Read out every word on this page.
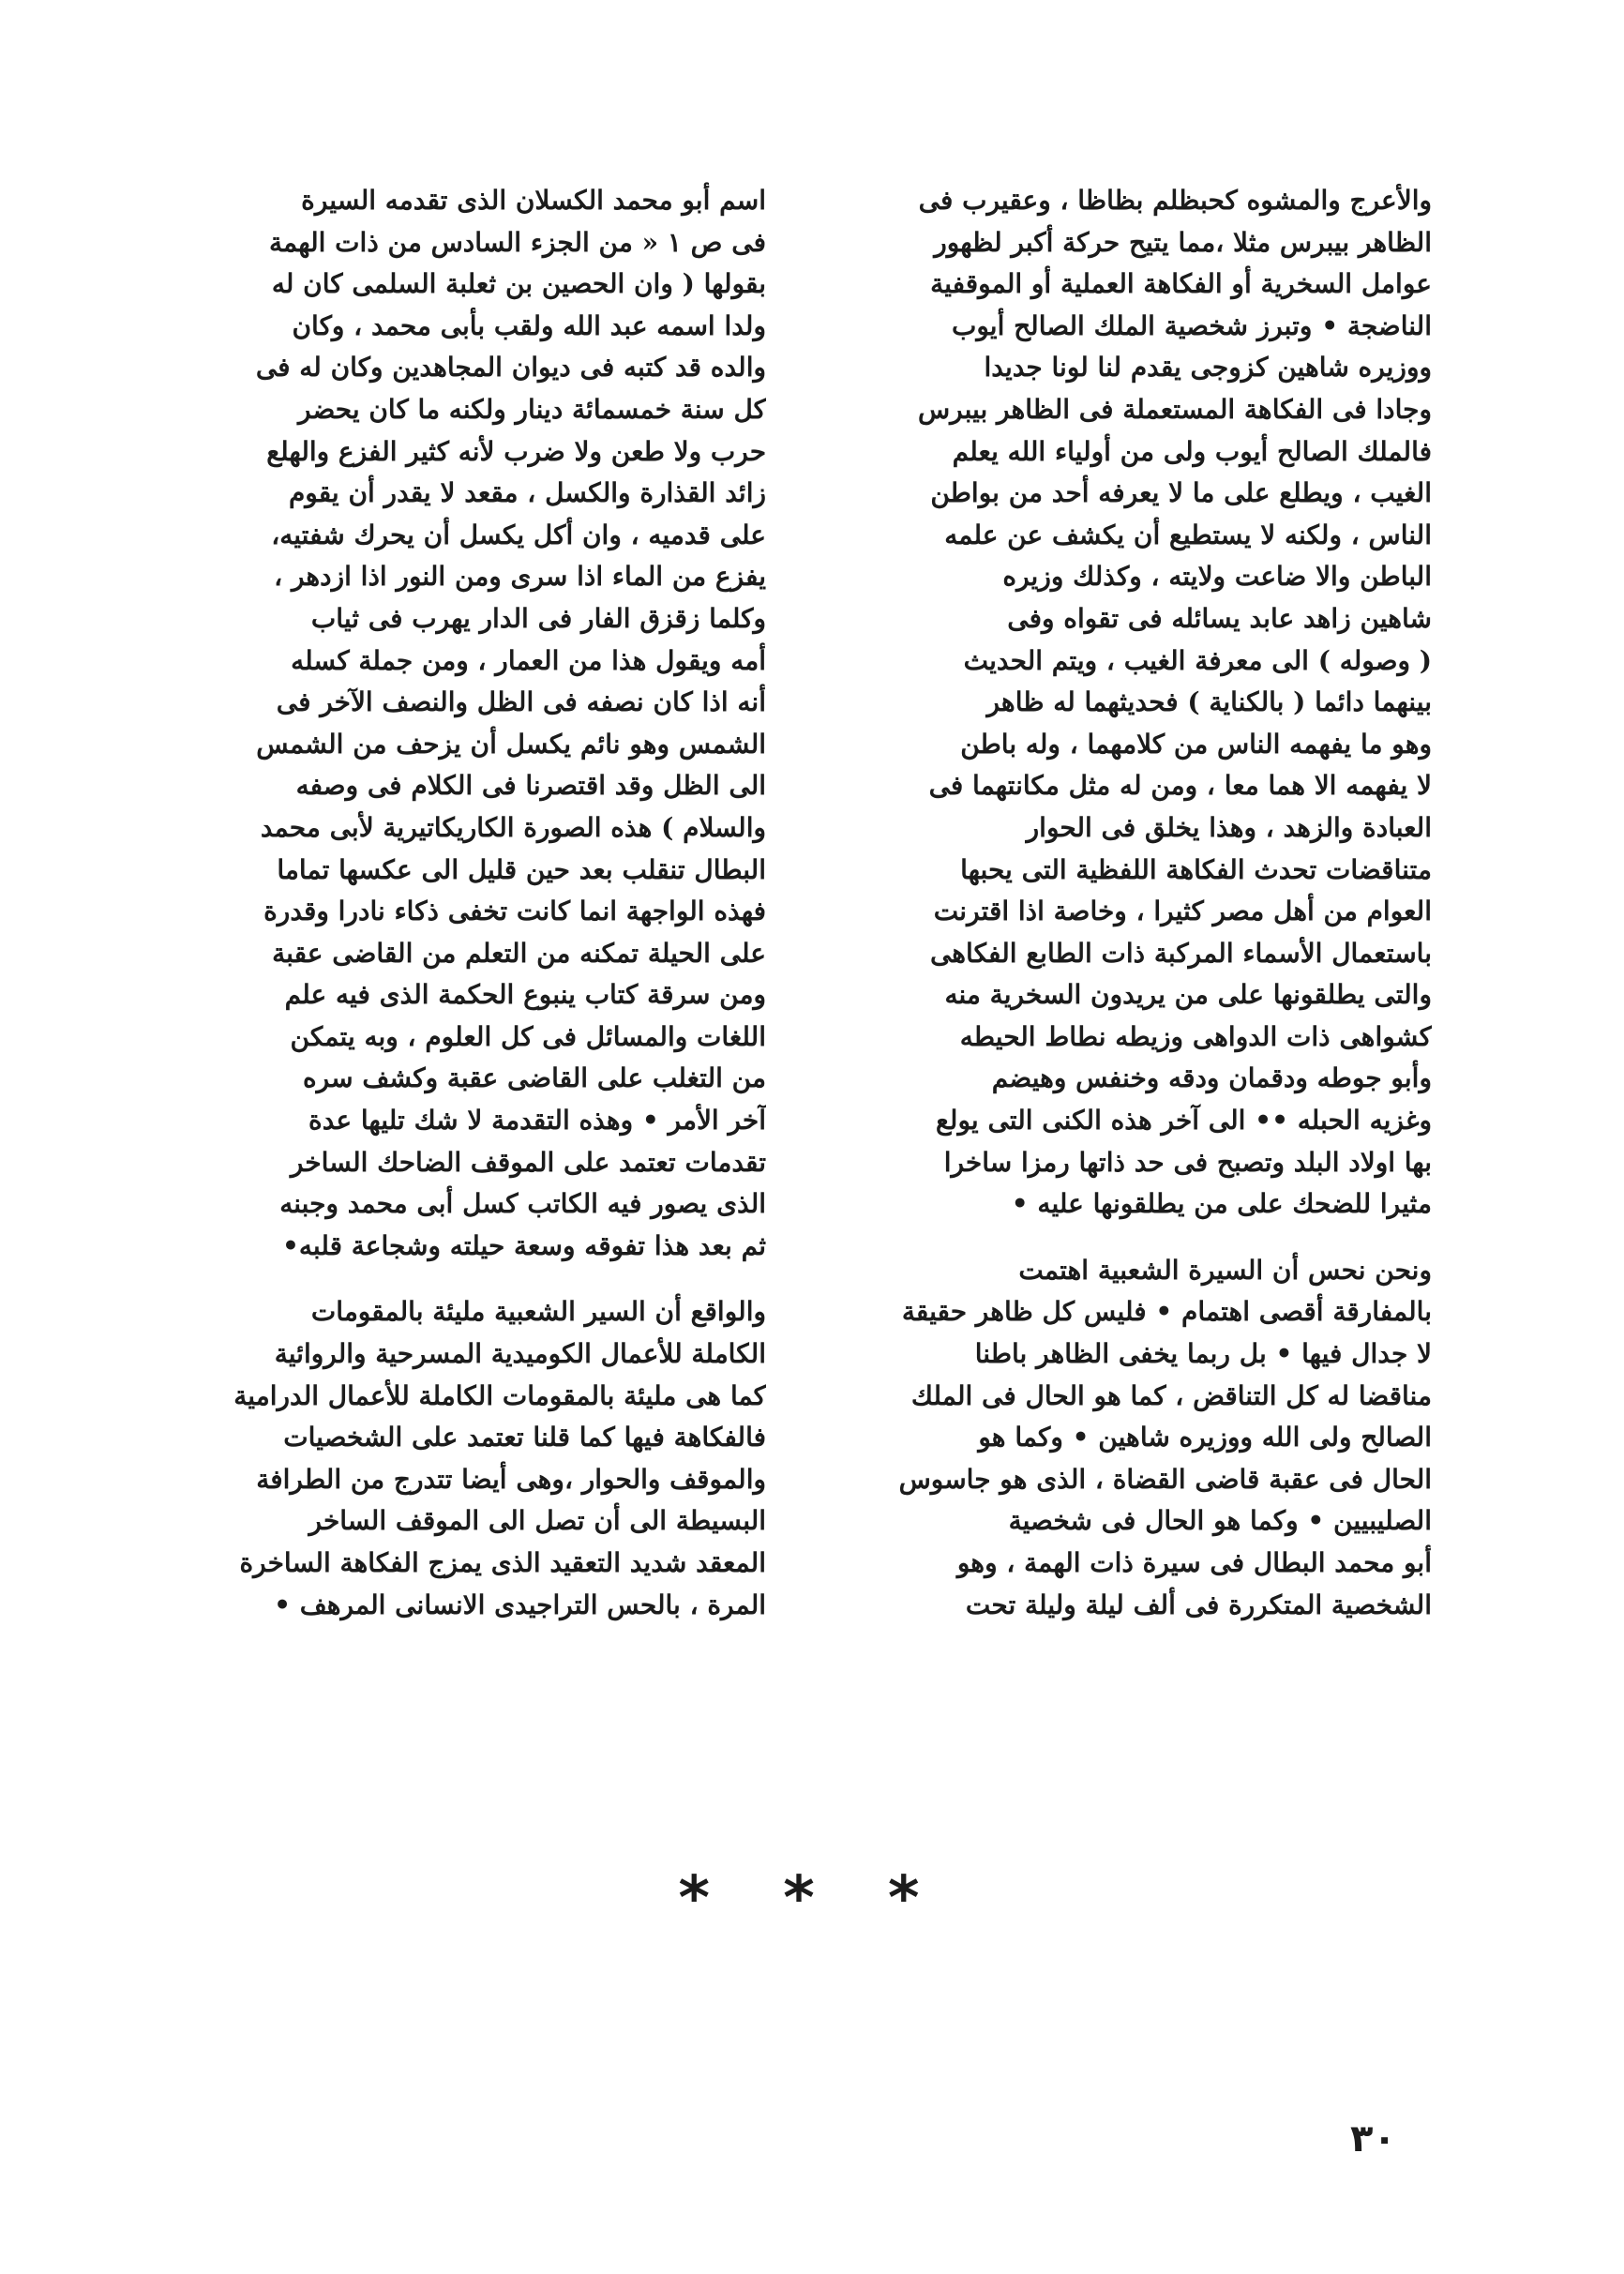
والأعرج والمشوه كحبظلم بظاظا ، وعقيرب فى
الظاهر بيبرس مثلا ،مما يتيح حركة أكبر لظهور
عوامل السخرية أو الفكاهة العملية أو الموقفية
الناضجة • وتبرز شخصية الملك الصالح أيوب
ووزيره شاهين كزوجى يقدم لنا لونا جديدا
وجادا فى الفكاهة المستعملة فى الظاهر بيبرس
فالملك الصالح أيوب ولى من أولياء الله يعلم
الغيب ، ويطلع على ما لا يعرفه أحد من بواطن
الناس ، ولكنه لا يستطيع أن يكشف عن علمه
الباطن والا ضاعت ولايته ، وكذلك وزيره
شاهين زاهد عابد يسائله فى تقواه وفى
( وصوله ) الى معرفة الغيب ، ويتم الحديث
بينهما دائما ( بالكناية ) فحديثهما له ظاهر
وهو ما يفهمه الناس من كلامهما ، وله باطن
لا يفهمه الا هما معا ، ومن له مثل مكانتهما فى
العبادة والزهد ، وهذا يخلق فى الحوار
متناقضات تحدث الفكاهة اللفظية التى يحبها
العوام من أهل مصر كثيرا ، وخاصة اذا اقترنت
باستعمال الأسماء المركبة ذات الطابع الفكاهى
والتى يطلقونها على من يريدون السخرية منه
كشواهى ذات الدواهى وزيطه نطاط الحيطه
وأبو جوطه ودقمان ودقه وخنفس وهيضم
وغزيه الحبله •• الى آخر هذه الكنى التى يولع
بها اولاد البلد وتصبح فى حد ذاتها رمزا ساخرا
مثيرا للضحك على من يطلقونها عليه •
ونحن نحس أن السيرة الشعبية اهتمت
بالمفارقة أقصى اهتمام • فليس كل ظاهر حقيقة
لا جدال فيها • بل ربما يخفى الظاهر باطنا
مناقضا له كل التناقض ، كما هو الحال فى الملك
الصالح ولى الله ووزيره شاهين • وكما هو
الحال فى عقبة قاضى القضاة ، الذى هو جاسوس
الصليبيين • وكما هو الحال فى شخصية
أبو محمد البطال فى سيرة ذات الهمة ، وهو
الشخصية المتكررة فى ألف ليلة وليلة تحت
اسم أبو محمد الكسلان الذى تقدمه السيرة
فى ص ١ « من الجزء السادس من ذات الهمة
بقولها ( وان الحصين بن ثعلبة السلمى كان له
ولدا اسمه عبد الله ولقب بأبى محمد ، وكان
والده قد كتبه فى ديوان المجاهدين وكان له فى
كل سنة خمسمائة دينار ولكنه ما كان يحضر
حرب ولا طعن ولا ضرب لأنه كثير الفزع والهلع
زائد القذارة والكسل ، مقعد لا يقدر أن يقوم
على قدميه ، وان أكل يكسل أن يحرك شفتيه،
يفزع من الماء اذا سرى ومن النور اذا ازدهر ،
وكلما زقزق الفار فى الدار يهرب فى ثياب
أمه ويقول هذا من العمار ، ومن جملة كسله
أنه اذا كان نصفه فى الظل والنصف الآخر فى
الشمس وهو نائم يكسل أن يزحف من الشمس
الى الظل وقد اقتصرنا فى الكلام فى وصفه
والسلام ) هذه الصورة الكاريكاتيرية لأبى محمد
البطال تنقلب بعد حين قليل الى عكسها تماما
فهذه الواجهة انما كانت تخفى ذكاء نادرا وقدرة
على الحيلة تمكنه من التعلم من القاضى عقبة
ومن سرقة كتاب ينبوع الحكمة الذى فيه علم
اللغات والمسائل فى كل العلوم ، وبه يتمكن
من التغلب على القاضى عقبة وكشف سره
آخر الأمر • وهذه التقدمة لا شك تليها عدة
تقدمات تعتمد على الموقف الضاحك الساخر
الذى يصور فيه الكاتب كسل أبى محمد وجبنه
ثم بعد هذا تفوقه وسعة حيلته وشجاعة قلبه•
والواقع أن السير الشعبية مليئة بالمقومات
الكاملة للأعمال الكوميدية المسرحية والروائية
كما هى مليئة بالمقومات الكاملة للأعمال الدرامية
فالفكاهة فيها كما قلنا تعتمد على الشخصيات
والموقف والحوار ،وهى أيضا تتدرج من الطرافة
البسيطة الى أن تصل الى الموقف الساخر
المعقد شديد التعقيد الذى يمزج الفكاهة الساخرة
المرة ، بالحس التراجيدى الانسانى المرهف •
* * *
٣٠
